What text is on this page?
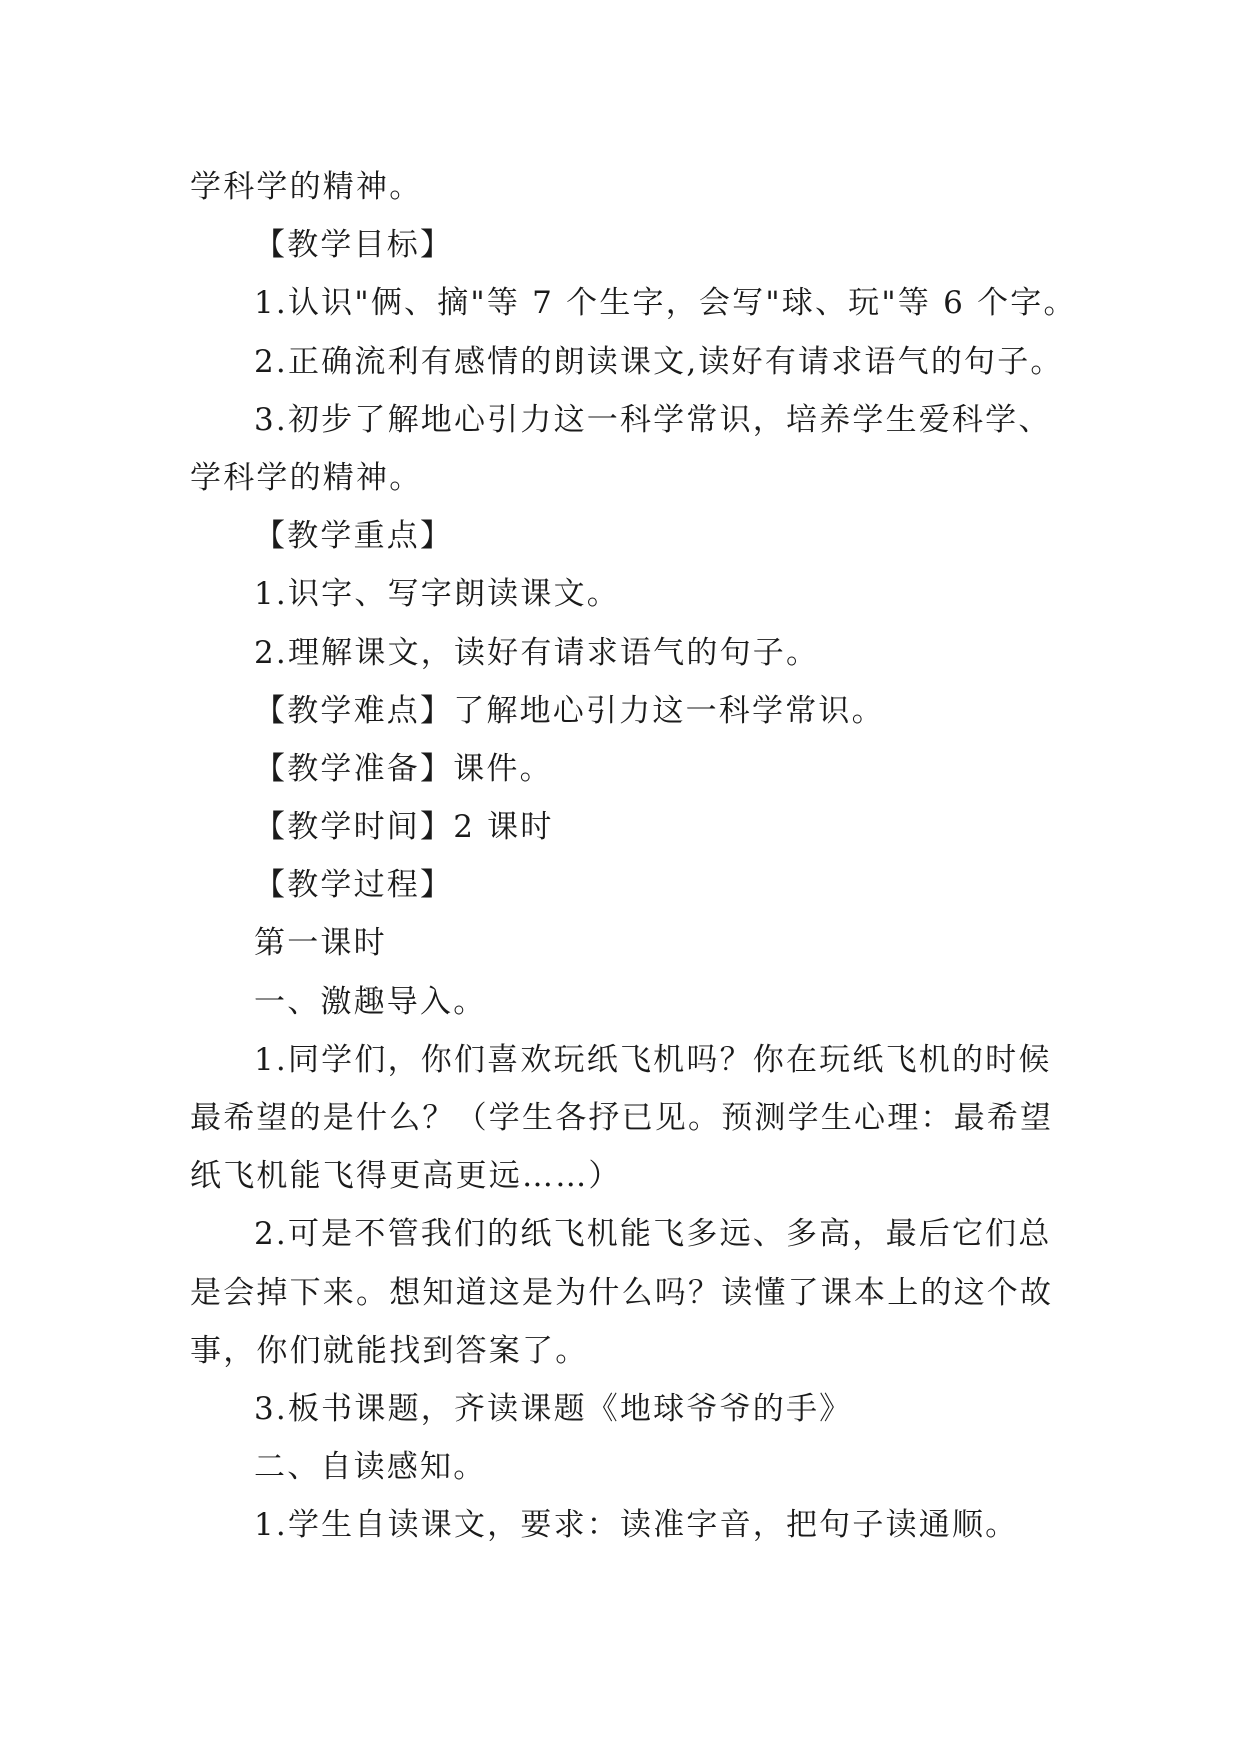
学科学的精神。
【教学目标】
1.认识"俩、摘"等 7 个生字，会写"球、玩"等 6 个字。
2.正确流利有感情的朗读课文,读好有请求语气的句子。
3.初步了解地心引力这一科学常识，培养学生爱科学、
学科学的精神。
【教学重点】
1.识字、写字朗读课文。
2.理解课文，读好有请求语气的句子。
【教学难点】了解地心引力这一科学常识。
【教学准备】课件。
【教学时间】2 课时
【教学过程】
第一课时
一、激趣导入。
1.同学们，你们喜欢玩纸飞机吗？你在玩纸飞机的时候
最希望的是什么？（学生各抒已见。预测学生心理：最希望
纸飞机能飞得更高更远……）
2.可是不管我们的纸飞机能飞多远、多高，最后它们总
是会掉下来。想知道这是为什么吗？读懂了课本上的这个故
事，你们就能找到答案了。
3.板书课题，齐读课题《地球爷爷的手》
二、自读感知。
1.学生自读课文，要求：读准字音，把句子读通顺。
